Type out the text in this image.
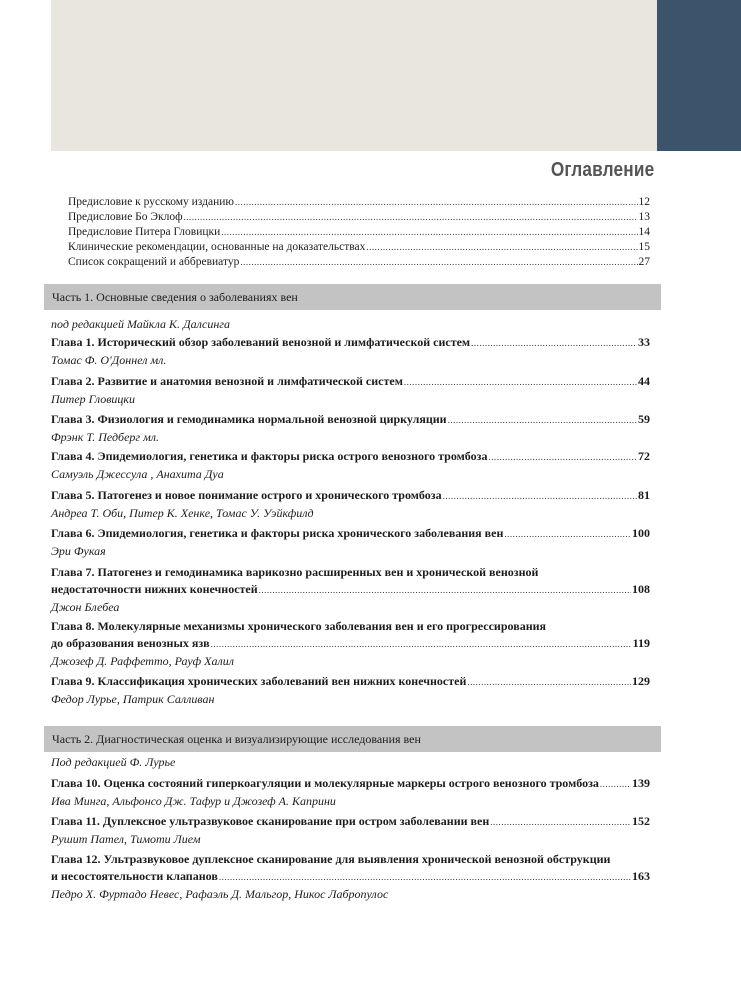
Оглавление
Предисловие к русскому изданию .....	12
Предисловие Бо Эклоф .....	13
Предисловие Питера Гловицки .....	14
Клинические рекомендации, основанные на доказательствах .....	15
Список сокращений и аббревиатур .....	27
Часть 1. Основные сведения о заболеваниях вен
под редакцией Майкла К. Далсинга
Глава 1. Исторический обзор заболеваний венозной и лимфатической систем .....	33
Томас Ф. О'Доннел мл.
Глава 2. Развитие и анатомия венозной и лимфатической систем .....	44
Питер Гловицки
Глава 3. Физиология и гемодинамика нормальной венозной циркуляции .....	59
Фрэнк Т. Педберг мл.
Глава 4. Эпидемиология, генетика и факторы риска острого венозного тромбоза .....	72
Самуэль Джессула , Анахита Дуа
Глава 5. Патогенез и новое понимание острого и хронического тромбоза .....	81
Андреа Т. Оби, Питер К. Хенке, Томас У. Уэйкфилд
Глава 6. Эпидемиология, генетика и факторы риска хронического заболевания вен .....	100
Эри Фукая
Глава 7. Патогенез и гемодинамика варикозно расширенных вен и хронической венозной
недостаточности нижних конечностей .....	108
Джон Блебеа
Глава 8. Молекулярные механизмы хронического заболевания вен и его прогрессирования
до образования венозных язв .....	119
Джозеф Д. Раффетто, Рауф Халил
Глава 9. Классификация хронических заболеваний вен нижних конечностей .....	129
Федор Лурье, Патрик Салливан
Часть 2. Диагностическая оценка и визуализирующие исследования вен
Под редакцией Ф. Лурье
Глава 10. Оценка состояний гиперкоагуляции и молекулярные маркеры острого венозного тромбоза .....	139
Ива Минга, Альфонсо Дж. Тафур и Джозеф А. Каприни
Глава 11. Дуплексное ультразвуковое сканирование при остром заболевании вен .....	152
Рушит Пател, Тимоти Лием
Глава 12. Ультразвуковое дуплексное сканирование для выявления хронической венозной обструкции
и несостоятельности клапанов .....	163
Педро Х. Фуртадо Невес, Рафаэль Д. Мальгор, Никос Лабропулос
